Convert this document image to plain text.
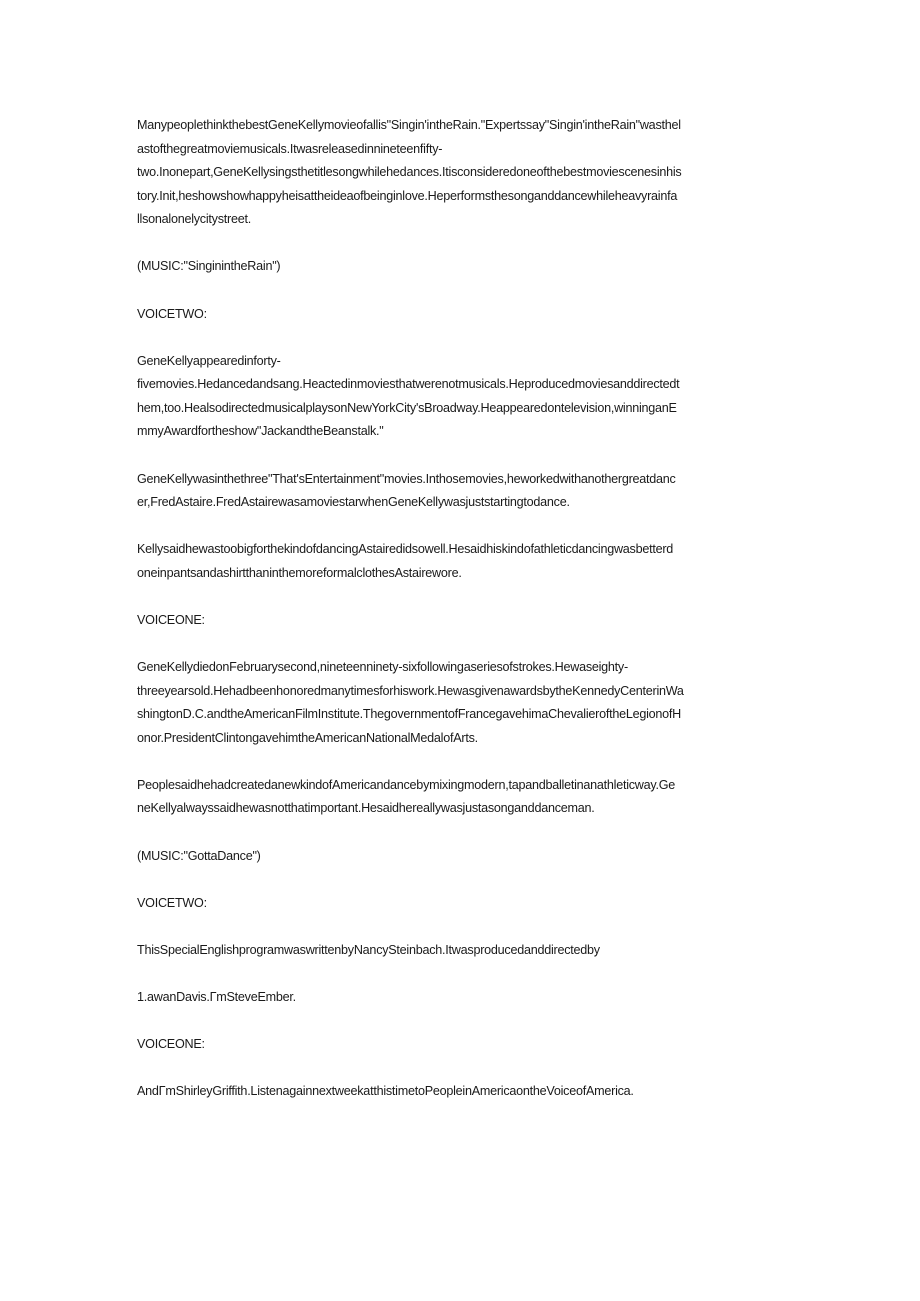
ManypeoplethinkthebestGeneKellymovieofallis"Singin'intheRain."Expertssay"Singin'intheRain"wasthel
astofthegreatmoviemusicals.Itwasreleasedinnineteenfifty-
two.Inonepart,GeneKellysingsthetitlesongwhilehedances.Itisconsideredoneofthebestmoviescenesinhis
tory.Init,heshowshowhappyheisattheideaofbeinginlove.Heperformsthesonganddancewhileheavyrainfa
llsonalonelycitystreet.

(MUSIC:"SinginintheRain")

VOICETWO:

GeneKellyappearedinforty-
fivemovies.Hedancedandsang.Heactedinmoviesthatwerenotmusicals.Heproducedmoviesanddirectedt
hem,too.HealsodirectedmusicalplaysonNewYorkCity'sBroadway.Heappearedontelevision,winninganE
mmyAwardfortheshow"JackandtheBeanstalk."

GeneKellywasinthethree"That'sEntertainment"movies.Inthosemovies,heworkedwithanothergreatdanc
er,FredAstaire.FredAstairewasamoviestarwhenGeneKellywasjuststartingtodance.

KellysaidhewastoobigforthekindofdancingAstairedidsowell.Hesaidhiskindofathleticdancingwasbetterd
oneinpantsandashirtthaninthemoreformalclothesAstairewore.

VOICEONE:

GeneKellydiedonFebruarysecond,nineteenninety-sixfollowingaseriesofstrokes.Hewaseighty-
threeyearsold.Hehadbeenhonoredmanytimesforhiswork.HewasgivenawardsbytheKennedyCenterinWa
shingtonD.C.andtheAmericanFilmInstitute.ThegovernmentofFrancegavehimaChevalieroftheLegionofH
onor.PresidentClintongavehimtheAmericanNationalMedalofArts.

PeoplesaidhehadcreatedanewkindofAmericandancebymixingmodern,tapandballetinanathleticway.Ge
neKellyalwayssaidhewasnotthatimportant.Hesaidhereallywasjustasonganddanceman.

(MUSIC:"GottaDance")

VOICETWO:

ThisSpecialEnglishprogramwaswrittenbyNancySteinbach.Itwasproducedanddirectedby

1.awanDavis.ΓmSteveEmber.

VOICEONE:

AndΓmShirleyGriffith.ListenagainnextweekatthistimetoPeopleinAmericaontheVoiceofAmerica.
